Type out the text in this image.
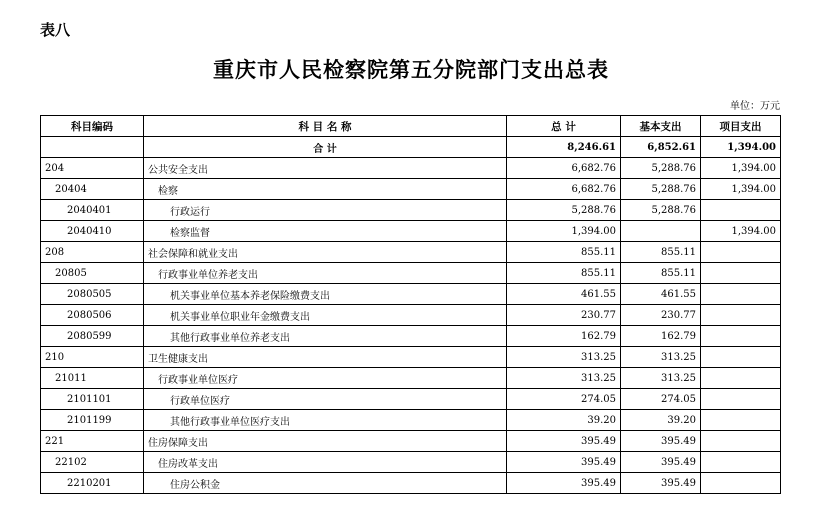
表八
重庆市人民检察院第五分院部门支出总表
单位：万元
科目编码	科 目 名 称	总 计	基本支出	项目支出
	合 计	8,246.61	6,852.61	1,394.00
204	公共安全支出	6,682.76	5,288.76	1,394.00
20404	检察	6,682.76	5,288.76	1,394.00
2040401	行政运行	5,288.76	5,288.76	
2040410	检察监督	1,394.00		1,394.00
208	社会保障和就业支出	855.11	855.11	
20805	行政事业单位养老支出	855.11	855.11	
2080505	机关事业单位基本养老保险缴费支出	461.55	461.55	
2080506	机关事业单位职业年金缴费支出	230.77	230.77	
2080599	其他行政事业单位养老支出	162.79	162.79	
210	卫生健康支出	313.25	313.25	
21011	行政事业单位医疗	313.25	313.25	
2101101	行政单位医疗	274.05	274.05	
2101199	其他行政事业单位医疗支出	39.20	39.20	
221	住房保障支出	395.49	395.49	
22102	住房改革支出	395.49	395.49	
2210201	住房公积金	395.49	395.49	
